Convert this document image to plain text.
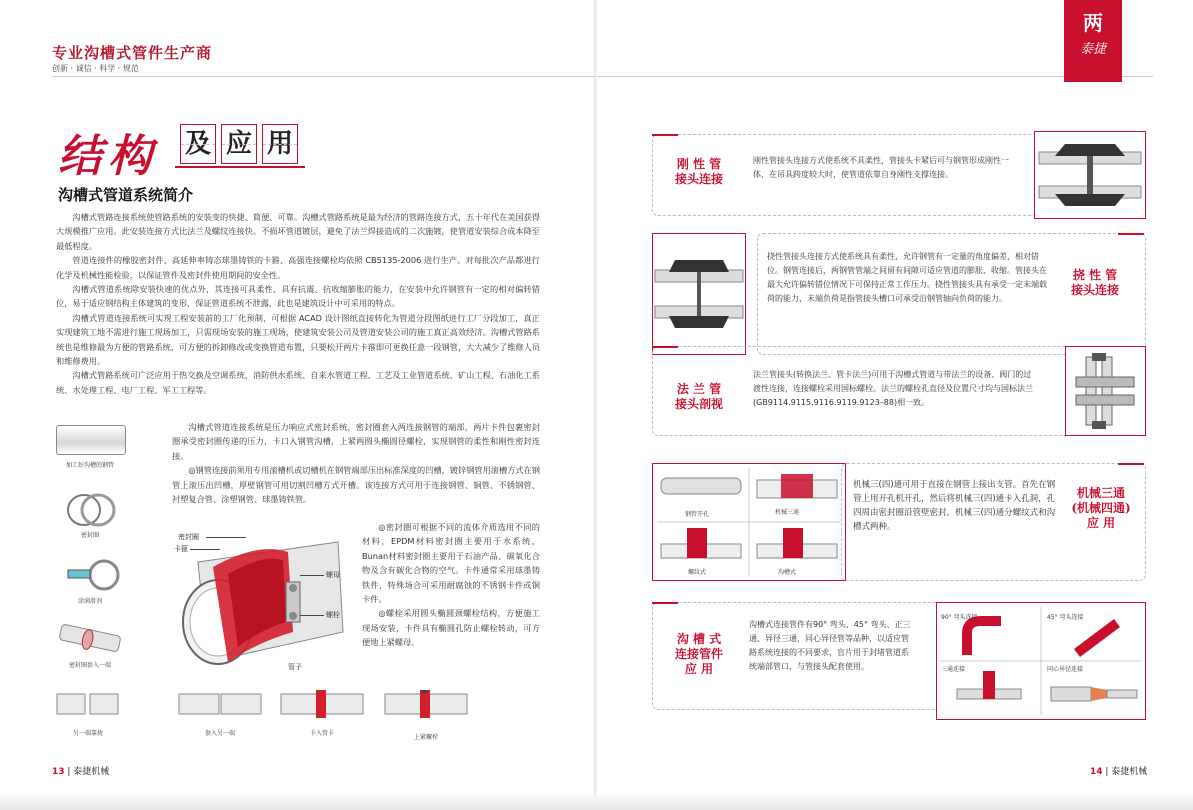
专业沟槽式管件生产商
创新 · 诚信 · 科学 · 规范
结构 及 应 用
沟槽式管道系统简介

沟槽式管路连接系统使管路系统的安装变的快捷、简便、可靠。沟槽式管路系统是最为经济的管路连接方式，五十年代在美国获得大规模推广应用。此安装连接方式比法兰及螺纹连接快。不损坏管道镀层，避免了法兰焊接造成的二次施镀，使管道安装综合成本降至最低程度。

管道连接件的橡胶密封件、高延伸率铸态球墨铸铁的卡箍、高强连接螺栓均依照 CB5135-2006 进行生产。对每批次产品都进行化学及机械性能检验，以保证管件及密封件使用期间的安全性。

沟槽式管道系统除安装快速的优点外，其连接可具柔性、具有抗震、抗收缩膨胀的能力，在安装中允许钢管有一定的相对偏转错位，易于适应钢结构主体建筑的变形，保证管道系统不泄露，此也是建筑设计中可采用的特点。

沟槽式管道连接系统可实现工程安装前的工厂化预制，可根据 ACAD 设计图纸直接转化为管道分段图纸进行工厂分段加工，真正实现建筑工地不需进行施工现场加工，只需现场安装的施工现场，使建筑安装公司及管道安装公司的施工真正高效经济。沟槽式管路系统也是维修最为方便的管路系统，可方便的拆卸修改或变换管道布置，只要松开两片卡箍即可更换任意一段钢管，大大减少了维修人员和维修费用。

沟槽式管路系统可广泛应用于热交换及空调系统、消防供水系统、自来水管道工程、工艺及工业管道系统、矿山工程、石油化工系统、水处理工程、电厂工程、军工工程等。

加工好沟槽的钢管
密封圈
涂润滑剂
密封圈套入一端

沟槽式管道连接系统是压力响应式密封系统，密封圈套入两连接钢管的端部，两片卡件包裹密封圈承受密封圈传递的压力，卡口入钢管沟槽，上紧两圆头椭圆径螺栓，实现钢管的柔性和刚性密封连接。

◎钢管连接前须用专用滚槽机或切槽机在钢管端部压出标准深度的凹槽，镀锌钢管用滚槽方式在钢管上滚压出凹槽，厚壁钢管可用切割凹槽方式开槽。该连接方式可用于连接钢管、铜管、不锈钢管、衬塑复合管、涂塑钢管、球墨铸铁管。

◎密封圈可根据不同的流体介质选用不同的材料，EPDM材料密封圈主要用于水系统，Bunan材料密封圈主要用于石油产品、碳氧化合物及含有碳化合物的空气。卡件通常采用球墨铸铁件，特殊场合可采用耐腐蚀的不锈钢卡件或铜卡件。

◎螺栓采用圆头椭圆颈螺栓结构，方便施工现场安装，卡件具有椭圆孔防止螺栓转动，可方便地上紧螺母。

密封圈
卡箍
螺母
螺栓
管子
另一端靠拢	套入另一端	卡入管卡
上紧螺栓
13 | 泰捷机械
刚 性 管
接头连接
刚性管接头连接方式使系统不具柔性，管接头卡紧后可与钢管形成刚性一体，在吊具跨度较大时，使管道依靠自身刚性支撑连接。
挠性管接头连接方式使系统具有柔性，允许钢管有一定量的角度偏差，相对错位。钢管连接后，两钢管管端之间留有间隙可适应管道的膨胀、收缩。管接头在最大允许偏转错位情况下可保持正常工作压力。挠性管接头具有承受一定末端载荷的能力，末端负荷是指管接头槽口可承受沿钢管轴向负荷的能力。
挠 性 管
接头连接
法 兰 管
接头剖视
法兰管接头(转换法兰、管卡法兰)可用于沟槽式管道与带法兰的设备、阀门的过渡性连接，连接螺栓采用国标螺栓。法兰的螺栓孔直径及位置尺寸均与国标法兰(GB9114.9115.9116.9119.9123–88)相一致。
钢管开孔	机械三通
螺纹式	沟槽式
机械三(四)通可用于直接在钢管上接出支管。首先在钢管上用开孔机开孔，然后将机械三(四)通卡入孔洞，孔四周由密封圈沿管壁密封。机械三(四)通分螺纹式和沟槽式两种。
机械三通
(机械四通)
应 用
沟 槽 式
连接管件
应 用
沟槽式连接管件有90° 弯头、45° 弯头、正三通、异径三通，同心异径管等品种，以适应管路系统连接的不同要求，盲片用于封堵管道系统端部管口，与管接头配套使用。
90° 弯头连接	45° 弯头连接
三通连接	同心异径连接
14 | 泰捷机械
两
泰捷
